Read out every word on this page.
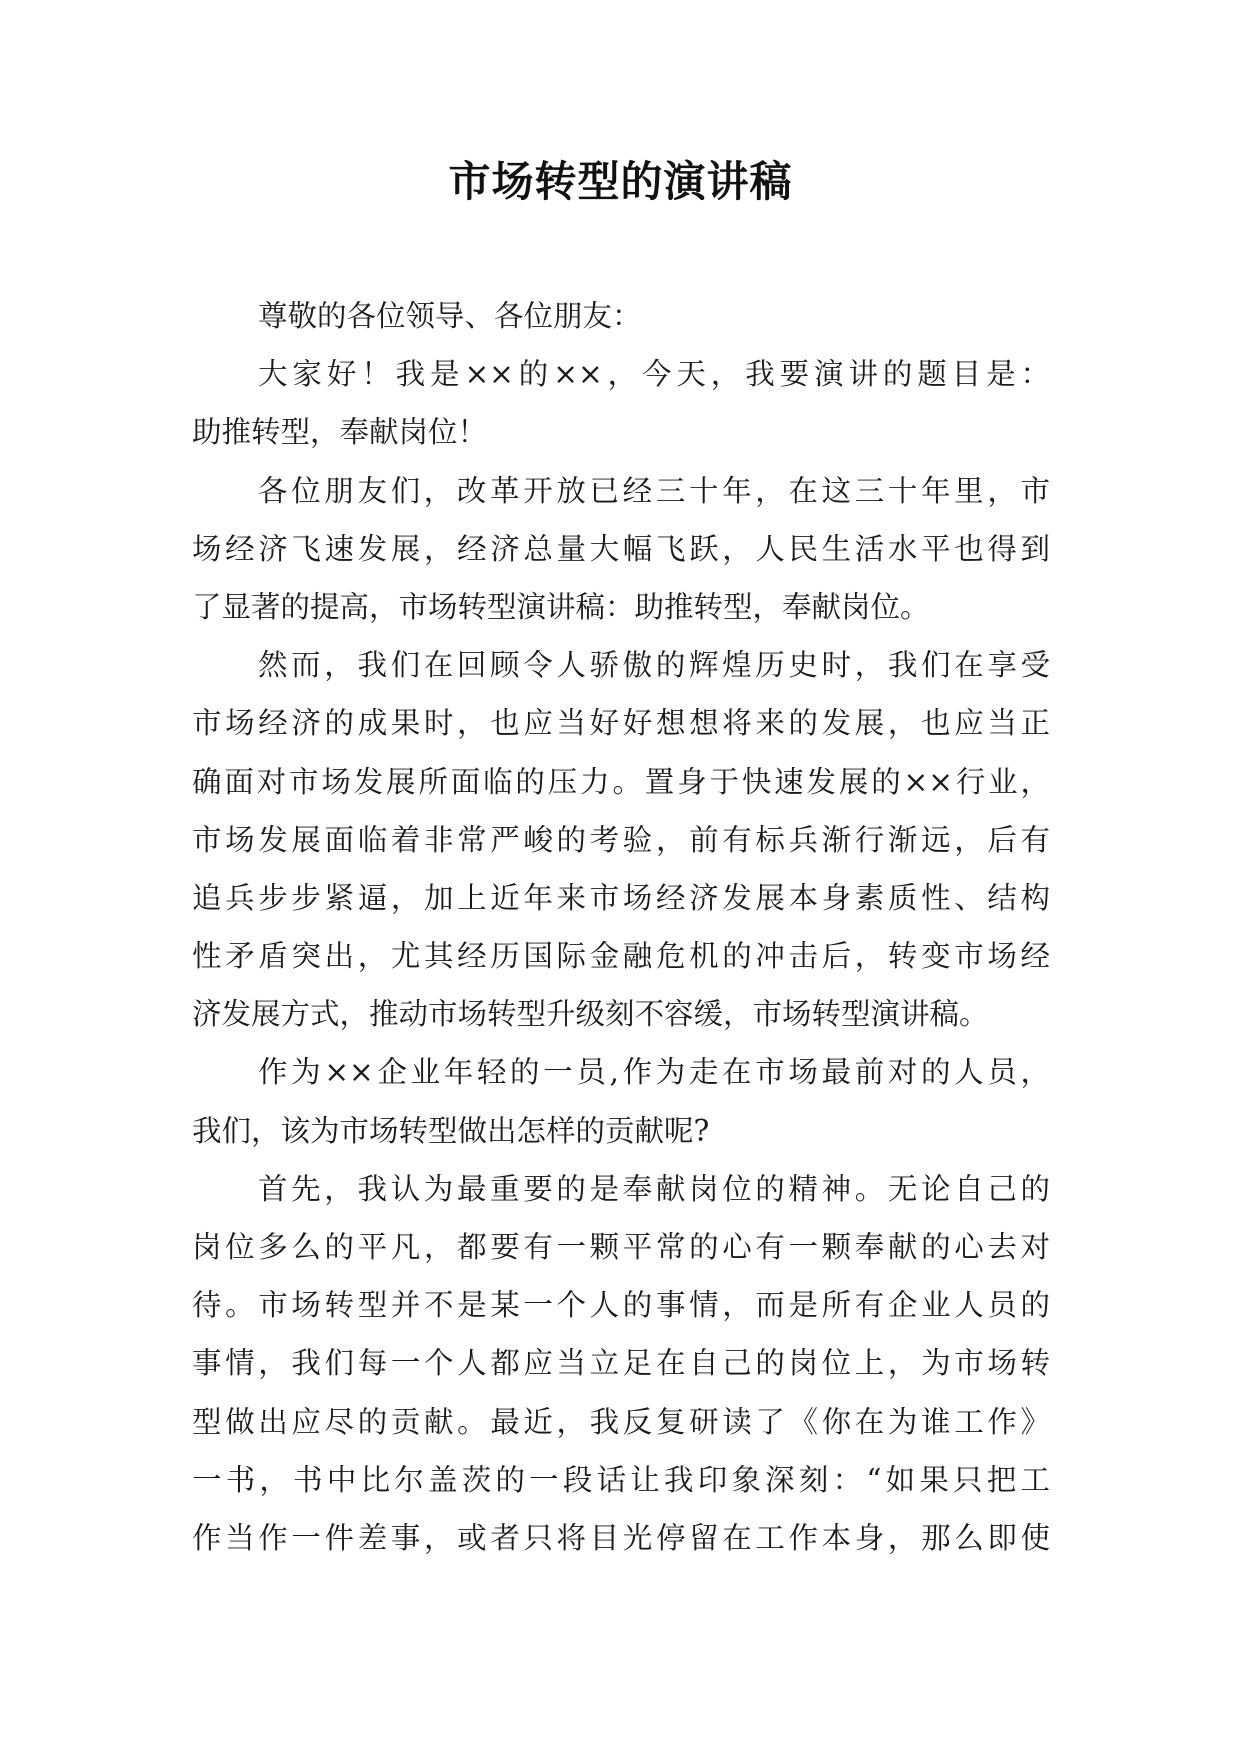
市场转型的演讲稿
尊敬的各位领导、各位朋友：
大家好！我是××的××，今天，我要演讲的题目是：
助推转型，奉献岗位！
各位朋友们，改革开放已经三十年，在这三十年里，市
场经济飞速发展，经济总量大幅飞跃，人民生活水平也得到
了显著的提高，市场转型演讲稿：助推转型，奉献岗位。
然而，我们在回顾令人骄傲的辉煌历史时，我们在享受
市场经济的成果时，也应当好好想想将来的发展，也应当正
确面对市场发展所面临的压力。置身于快速发展的××行业，
市场发展面临着非常严峻的考验，前有标兵渐行渐远，后有
追兵步步紧逼，加上近年来市场经济发展本身素质性、结构
性矛盾突出，尤其经历国际金融危机的冲击后，转变市场经
济发展方式，推动市场转型升级刻不容缓，市场转型演讲稿。
作为××企业年轻的一员,作为走在市场最前对的人员，
我们，该为市场转型做出怎样的贡献呢?
首先，我认为最重要的是奉献岗位的精神。无论自己的
岗位多么的平凡，都要有一颗平常的心有一颗奉献的心去对
待。市场转型并不是某一个人的事情，而是所有企业人员的
事情，我们每一个人都应当立足在自己的岗位上，为市场转
型做出应尽的贡献。最近，我反复研读了《你在为谁工作》
一书，书中比尔盖茨的一段话让我印象深刻：“如果只把工
作当作一件差事，或者只将目光停留在工作本身，那么即使
